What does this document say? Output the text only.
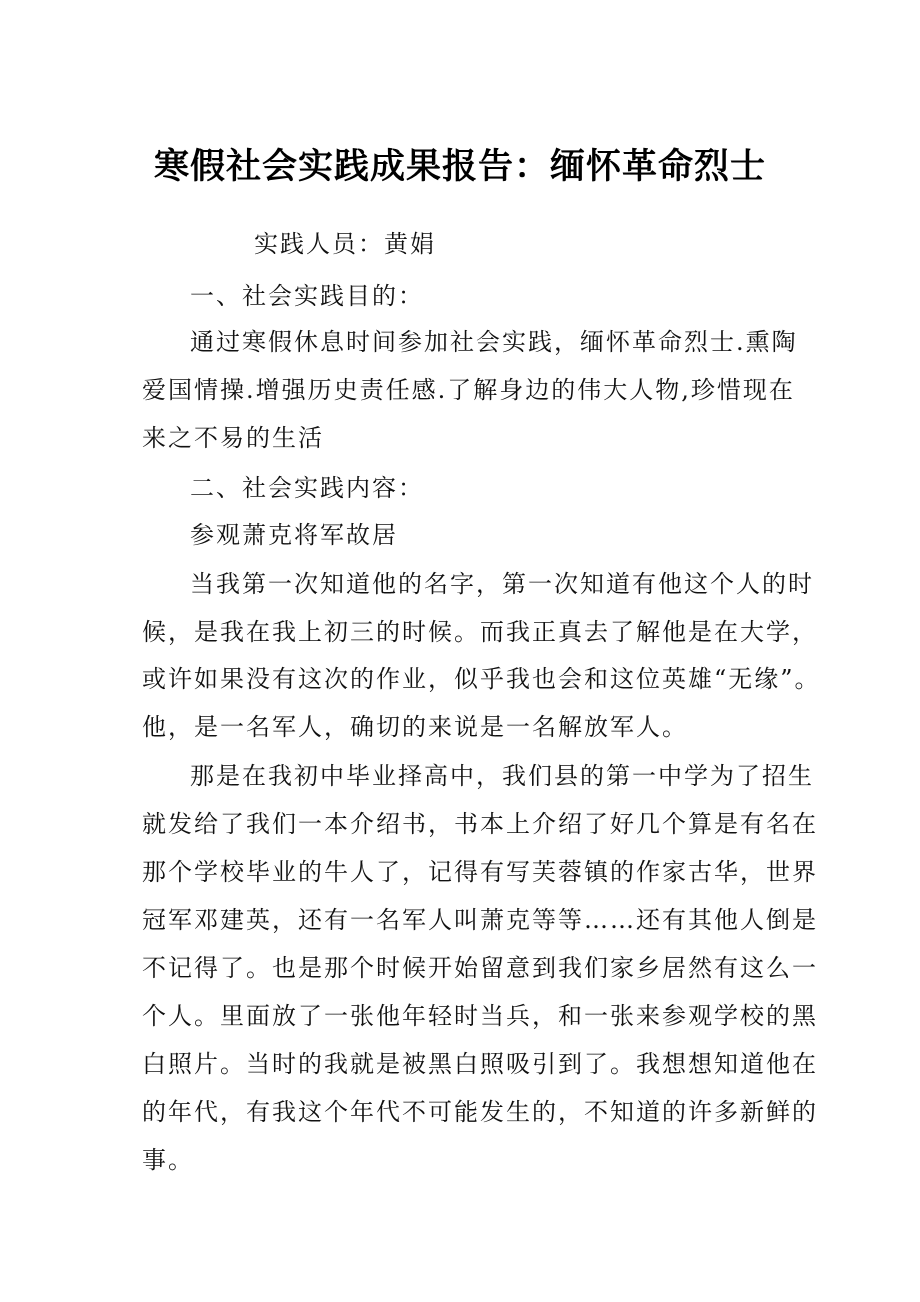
寒假社会实践成果报告：缅怀革命烈士
实践人员：黄娟
一、社会实践目的：
通过寒假休息时间参加社会实践，缅怀革命烈士.熏陶
爱国情操.增强历史责任感.了解身边的伟大人物,珍惜现在
来之不易的生活
二、社会实践内容：
参观萧克将军故居
当我第一次知道他的名字，第一次知道有他这个人的时
候，是我在我上初三的时候。而我正真去了解他是在大学，
或许如果没有这次的作业，似乎我也会和这位英雄“无缘”。
他，是一名军人，确切的来说是一名解放军人。
那是在我初中毕业择高中，我们县的第一中学为了招生
就发给了我们一本介绍书，书本上介绍了好几个算是有名在
那个学校毕业的牛人了，记得有写芙蓉镇的作家古华，世界
冠军邓建英，还有一名军人叫萧克等等……还有其他人倒是
不记得了。也是那个时候开始留意到我们家乡居然有这么一
个人。里面放了一张他年轻时当兵，和一张来参观学校的黑
白照片。当时的我就是被黑白照吸引到了。我想想知道他在
的年代，有我这个年代不可能发生的，不知道的许多新鲜的
事。
